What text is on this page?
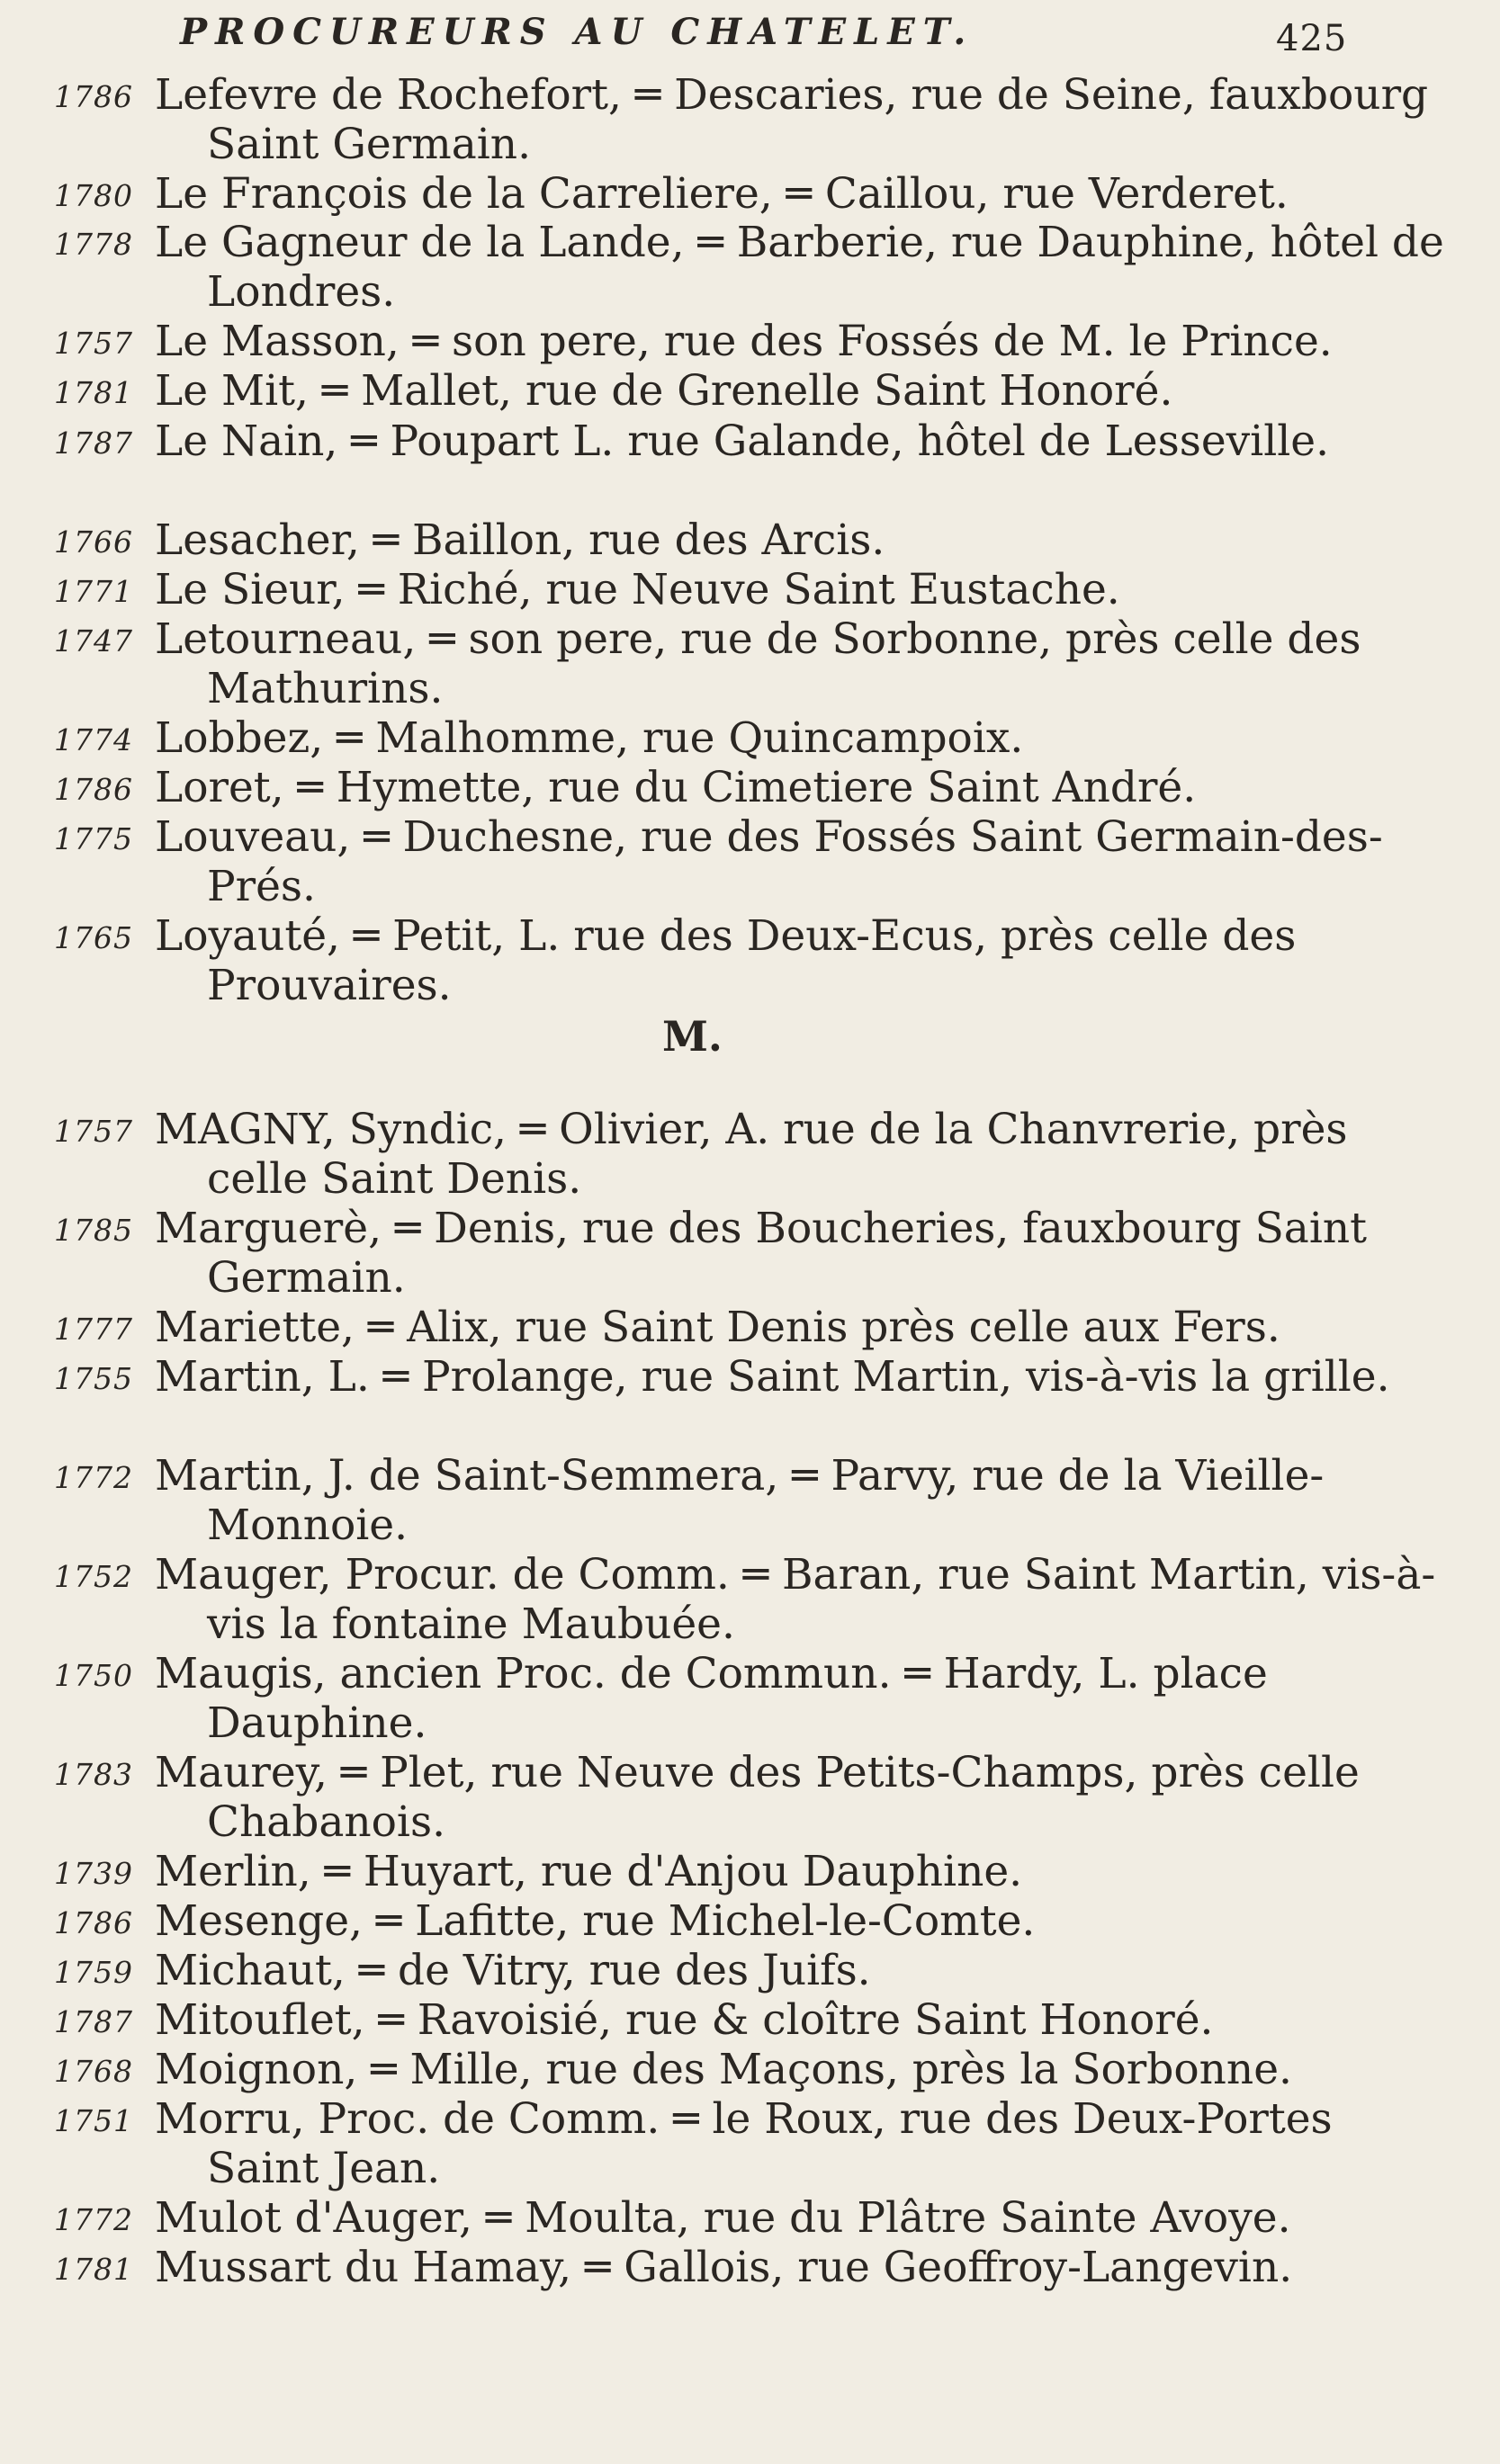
PROCUREURS AU CHATELET.	425
1786 Lefevre de Rochefort, ═ Descaries, rue de Seine, fauxbourg Saint Germain.
1780 Le François de la Carreliere, ═ Caillou, rue Verderet.
1778 Le Gagneur de la Lande, ═ Barberie, rue Dauphine, hôtel de Londres.
1757 Le Masson, ═ son pere, rue des Fossés de M. le Prince.
1781 Le Mit, ═ Mallet, rue de Grenelle Saint Honoré.
1787 Le Nain, ═ Poupart L. rue Galande, hôtel de Lesseville.
1766 Lesacher, ═ Baillon, rue des Arcis.
1771 Le Sieur, ═ Riché, rue Neuve Saint Eustache.
1747 Letourneau, ═ son pere, rue de Sorbonne, près celle des Mathurins.
1774 Lobbez, ═ Malhomme, rue Quincampoix.
1786 Loret, ═ Hymette, rue du Cimetiere Saint André.
1775 Louveau, ═ Duchesne, rue des Fossés Saint Germain-des-Prés.
1765 Loyauté, ═ Petit, L. rue des Deux-Ecus, près celle des Prouvaires.
M.
1757 MAGNY, Syndic, ═ Olivier, A. rue de la Chanvrerie, près celle Saint Denis.
1785 Marguerè, ═ Denis, rue des Boucheries, fauxbourg Saint Germain.
1777 Mariette, ═ Alix, rue Saint Denis près celle aux Fers.
1755 Martin, L. ═ Prolange, rue Saint Martin, vis-à-vis la grille.
1772 Martin, J. de Saint-Semmera, ═ Parvy, rue de la Vieille-Monnoie.
1752 Mauger, Procur. de Comm. ═ Baran, rue Saint Martin, vis-à-vis la fontaine Maubuée.
1750 Maugis, ancien Proc. de Commun. ═ Hardy, L. place Dauphine.
1783 Maurey, ═ Plet, rue Neuve des Petits-Champs, près celle Chabanois.
1739 Merlin, ═ Huyart, rue d'Anjou Dauphine.
1786 Mesenge, ═ Lafitte, rue Michel-le-Comte.
1759 Michaut, ═ de Vitry, rue des Juifs.
1787 Mitouflet, ═ Ravoisié, rue & cloître Saint Honoré.
1768 Moignon, ═ Mille, rue des Maçons, près la Sorbonne.
1751 Morru, Proc. de Comm. ═ le Roux, rue des Deux-Portes Saint Jean.
1772 Mulot d'Auger, ═ Moulta, rue du Plâtre Sainte Avoye.
1781 Mussart du Hamay, ═ Gallois, rue Geoffroy-Langevin.
